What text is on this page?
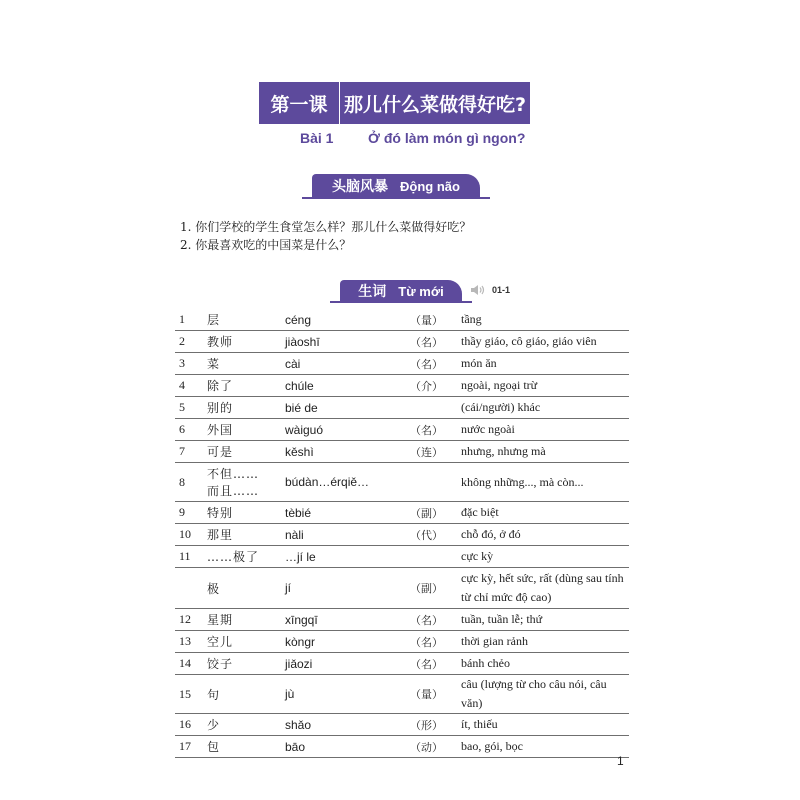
第一课 那儿什么菜做得好吃?
Bài 1 Ở đó làm món gì ngon?
头脑风暴 Động não
1. 你们学校的学生食堂怎么样？那儿什么菜做得好吃？
2. 你最喜欢吃的中国菜是什么？
生词 Từ mới	01-1
1	层	céng	（量）	tầng
2	教师	jiàoshī	（名）	thầy giáo, cô giáo, giáo viên
3	菜	cài	（名）	món ăn
4	除了	chúle	（介）	ngoài, ngoại trừ
5	别的	bié de		(cái/người) khác
6	外国	wàiguó	（名）	nước ngoài
7	可是	kěshì	（连）	nhưng, nhưng mà
8	不但……
而且……	búdàn…érqiě…		không những..., mà còn...
9	特别	tèbié	（副）	đặc biệt
10	那里	nàli	（代）	chỗ đó, ở đó
11	……极了	…jí le		cực kỳ
	极	jí	（副）	cực kỳ, hết sức, rất (dùng sau tính từ chỉ mức độ cao)
12	星期	xīngqī	（名）	tuần, tuần lễ; thứ
13	空儿	kòngr	（名）	thời gian rảnh
14	饺子	jiǎozi	（名）	bánh chẻo
15	句	jù	（量）	câu (lượng từ cho câu nói, câu văn)
16	少	shǎo	（形）	ít, thiếu
17	包	bāo	（动）	bao, gói, bọc
1
